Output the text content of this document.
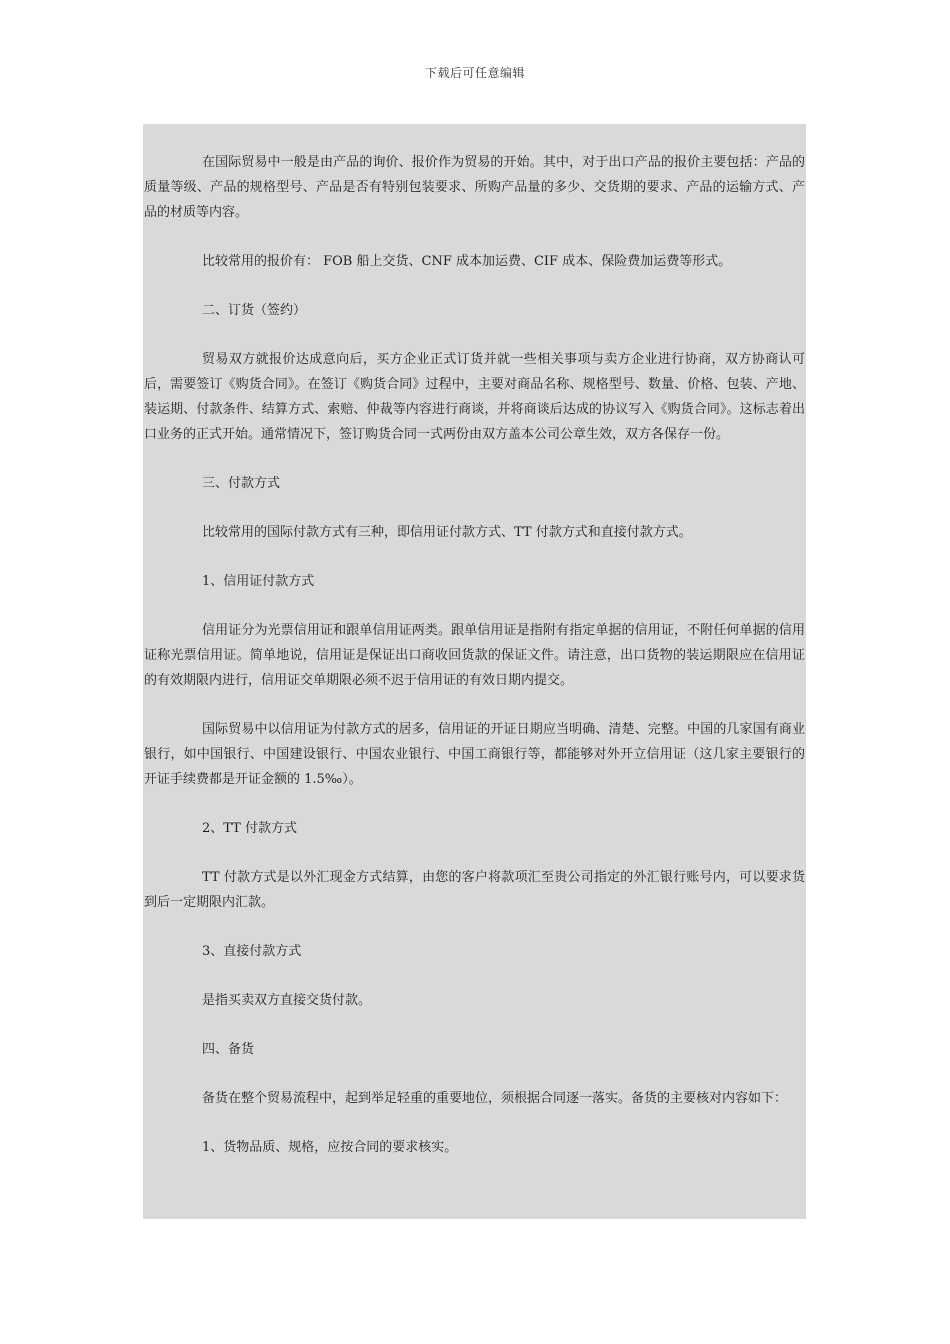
下载后可任意编辑

在国际贸易中一般是由产品的询价、报价作为贸易的开始。其中，对于出口产品的报价主要包括：产品的质量等级、产品的规格型号、产品是否有特别包装要求、所购产品量的多少、交货期的要求、产品的运输方式、产品的材质等内容。

比较常用的报价有： FOB 船上交货、CNF 成本加运费、CIF 成本、保险费加运费等形式。

二、订货（签约）

贸易双方就报价达成意向后，买方企业正式订货并就一些相关事项与卖方企业进行协商，双方协商认可后，需要签订《购货合同》。在签订《购货合同》过程中，主要对商品名称、规格型号、数量、价格、包装、产地、装运期、付款条件、结算方式、索赔、仲裁等内容进行商谈，并将商谈后达成的协议写入《购货合同》。这标志着出口业务的正式开始。通常情况下，签订购货合同一式两份由双方盖本公司公章生效，双方各保存一份。

三、付款方式

比较常用的国际付款方式有三种，即信用证付款方式、TT 付款方式和直接付款方式。

1、信用证付款方式

信用证分为光票信用证和跟单信用证两类。跟单信用证是指附有指定单据的信用证，不附任何单据的信用证称光票信用证。简单地说，信用证是保证出口商收回货款的保证文件。请注意，出口货物的装运期限应在信用证的有效期限内进行，信用证交单期限必须不迟于信用证的有效日期内提交。

国际贸易中以信用证为付款方式的居多，信用证的开证日期应当明确、清楚、完整。中国的几家国有商业银行，如中国银行、中国建设银行、中国农业银行、中国工商银行等，都能够对外开立信用证（这几家主要银行的开证手续费都是开证金额的 1.5‰）。

2、TT 付款方式

TT 付款方式是以外汇现金方式结算，由您的客户将款项汇至贵公司指定的外汇银行账号内，可以要求货到后一定期限内汇款。

3、直接付款方式

是指买卖双方直接交货付款。

四、备货

备货在整个贸易流程中，起到举足轻重的重要地位，须根据合同逐一落实。备货的主要核对内容如下：

1、货物品质、规格，应按合同的要求核实。
